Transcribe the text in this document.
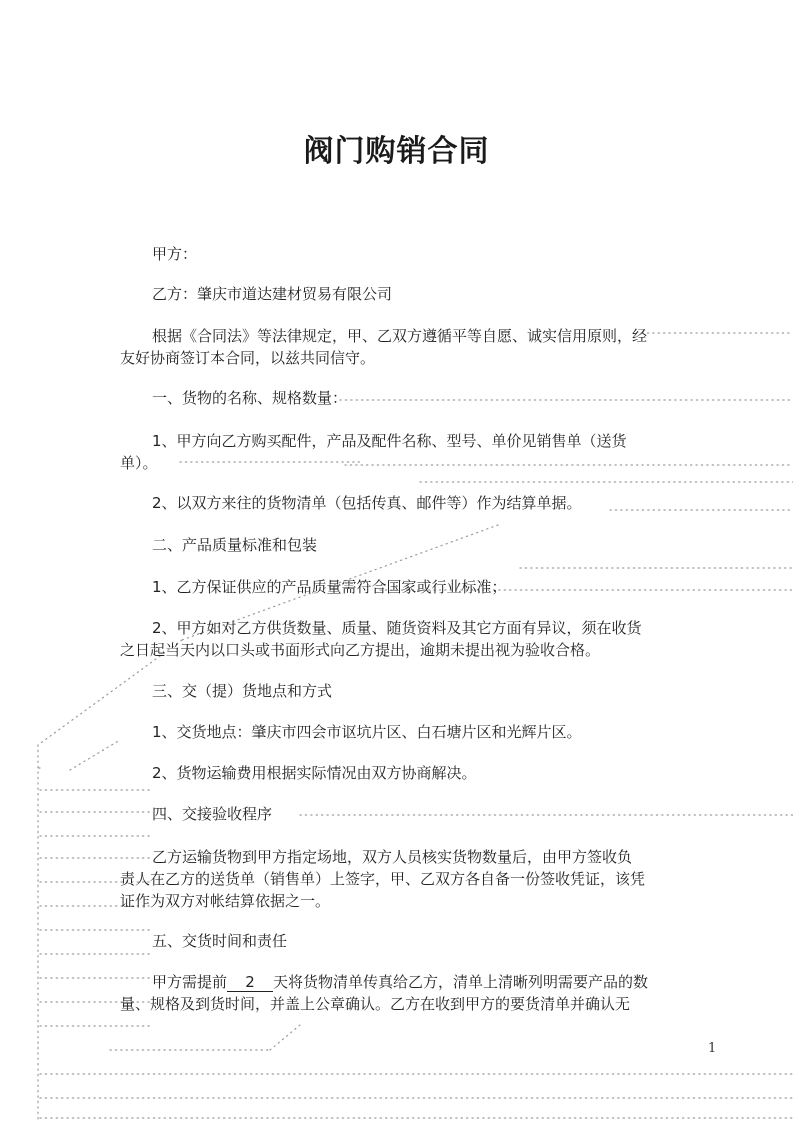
阀门购销合同

甲方：

乙方：肇庆市道达建材贸易有限公司

根据《合同法》等法律规定，甲、乙双方遵循平等自愿、诚实信用原则，经

友好协商签订本合同，以兹共同信守。

一、货物的名称、规格数量：

1、甲方向乙方购买配件，产品及配件名称、型号、单价见销售单（送货

单）。

2、以双方来往的货物清单（包括传真、邮件等）作为结算单据。

二、产品质量标准和包装

1、乙方保证供应的产品质量需符合国家或行业标准；

2、甲方如对乙方供货数量、质量、随货资料及其它方面有异议，须在收货

之日起当天内以口头或书面形式向乙方提出，逾期未提出视为验收合格。

三、交（提）货地点和方式

1、交货地点：肇庆市四会市讴坑片区、白石塘片区和光辉片区。

2、货物运输费用根据实际情况由双方协商解决。

四、交接验收程序

乙方运输货物到甲方指定场地，双方人员核实货物数量后，由甲方签收负

责人在乙方的送货单（销售单）上签字，甲、乙双方各自备一份签收凭证，该凭

证作为双方对帐结算依据之一。

五、交货时间和责任

甲方需提前 2 天将货物清单传真给乙方，清单上清晰列明需要产品的数

量、规格及到货时间，并盖上公章确认。乙方在收到甲方的要货清单并确认无

1
